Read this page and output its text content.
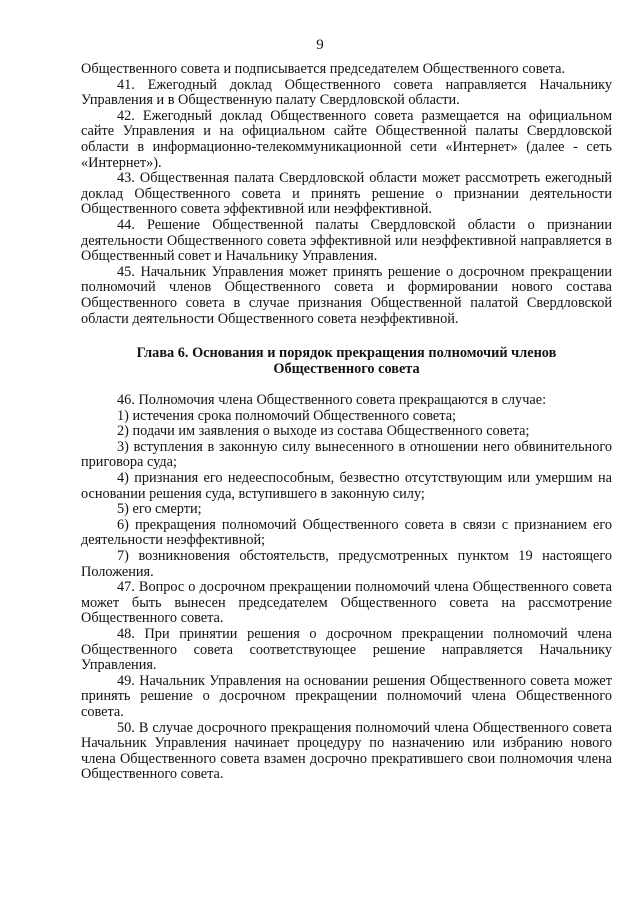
9

Общественного совета и подписывается председателем Общественного совета.

41. Ежегодный доклад Общественного совета направляется Начальнику Управления и в Общественную палату Свердловской области.

42. Ежегодный доклад Общественного совета размещается на официальном сайте Управления и на официальном сайте Общественной палаты Свердловской области в информационно-телекоммуникационной сети «Интернет» (далее - сеть «Интернет»).

43. Общественная палата Свердловской области может рассмотреть ежегодный доклад Общественного совета и принять решение о признании деятельности Общественного совета эффективной или неэффективной.

44. Решение Общественной палаты Свердловской области о признании деятельности Общественного совета эффективной или неэффективной направляется в Общественный совет и Начальнику Управления.

45. Начальник Управления может принять решение о досрочном прекращении полномочий членов Общественного совета и формировании нового состава Общественного совета в случае признания Общественной палатой Свердловской области деятельности Общественного совета неэффективной.

Глава 6. Основания и порядок прекращения полномочий членов
Общественного совета

46. Полномочия члена Общественного совета прекращаются в случае:

1) истечения срока полномочий Общественного совета;

2) подачи им заявления о выходе из состава Общественного совета;

3) вступления в законную силу вынесенного в отношении него обвинительного приговора суда;

4) признания его недееспособным, безвестно отсутствующим или умершим на основании решения суда, вступившего в законную силу;

5) его смерти;

6) прекращения полномочий Общественного совета в связи с признанием его деятельности неэффективной;

7) возникновения обстоятельств, предусмотренных пунктом 19 настоящего Положения.

47. Вопрос о досрочном прекращении полномочий члена Общественного совета может быть вынесен председателем Общественного совета на рассмотрение Общественного совета.

48. При принятии решения о досрочном прекращении полномочий члена Общественного совета соответствующее решение направляется Начальнику Управления.

49. Начальник Управления на основании решения Общественного совета может принять решение о досрочном прекращении полномочий члена Общественного совета.

50. В случае досрочного прекращения полномочий члена Общественного совета Начальник Управления начинает процедуру по назначению или избранию нового члена Общественного совета взамен досрочно прекратившего свои полномочия члена Общественного совета.
